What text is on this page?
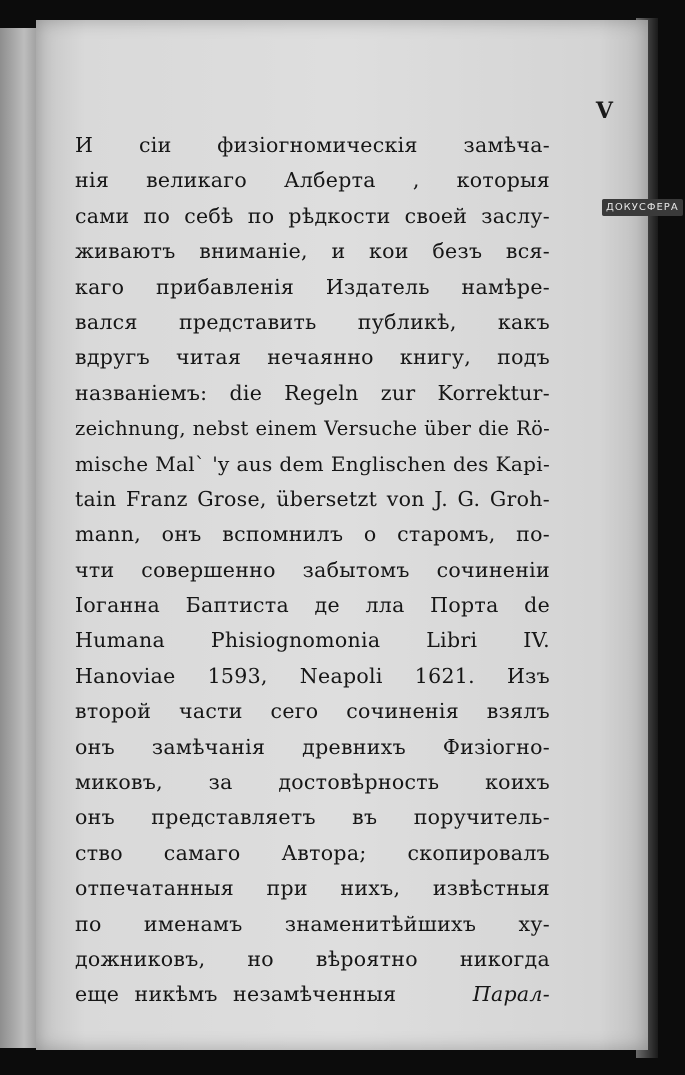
V
ДОКУСФЕРА
И сіи физіогномическія замѣча-
нія великаго Алберта , которыя
сами по себѣ по рѣдкости своей заслу-
живаютъ вниманіе, и кои безъ вся-
каго прибавленія Издатель намѣре-
вался представить публикѣ, какъ
вдругъ читая нечаянно книгу, подъ
названіемъ: die Regeln zur Korrektur-
zeichnung, nebst einem Versuche über die Rö-
mische Mal` 'y aus dem Englischen des Kapi-
tain Franz Grose, übersetzt von J. G. Groh-
mann, онъ вспомнилъ о старомъ, по-
чти совершенно забытомъ сочиненіи
Іоганна Баптиста де лла Порта de
Humana Phisiognomonia Libri IV.
Hanoviae 1593, Neapoli 1621. Изъ
второй части сего сочиненія взялъ
онъ замѣчанія древнихъ Физіогно-
миковъ, за достовѣрность коихъ
онъ представляетъ въ поручитель-
ство самаго Автора; скопировалъ
отпечатанныя при нихъ, извѣстныя
по именамъ знаменитѣйшихъ ху-
дожниковъ, но вѣроятно никогда
еще никѣмъ незамѣченныя	Парал-
